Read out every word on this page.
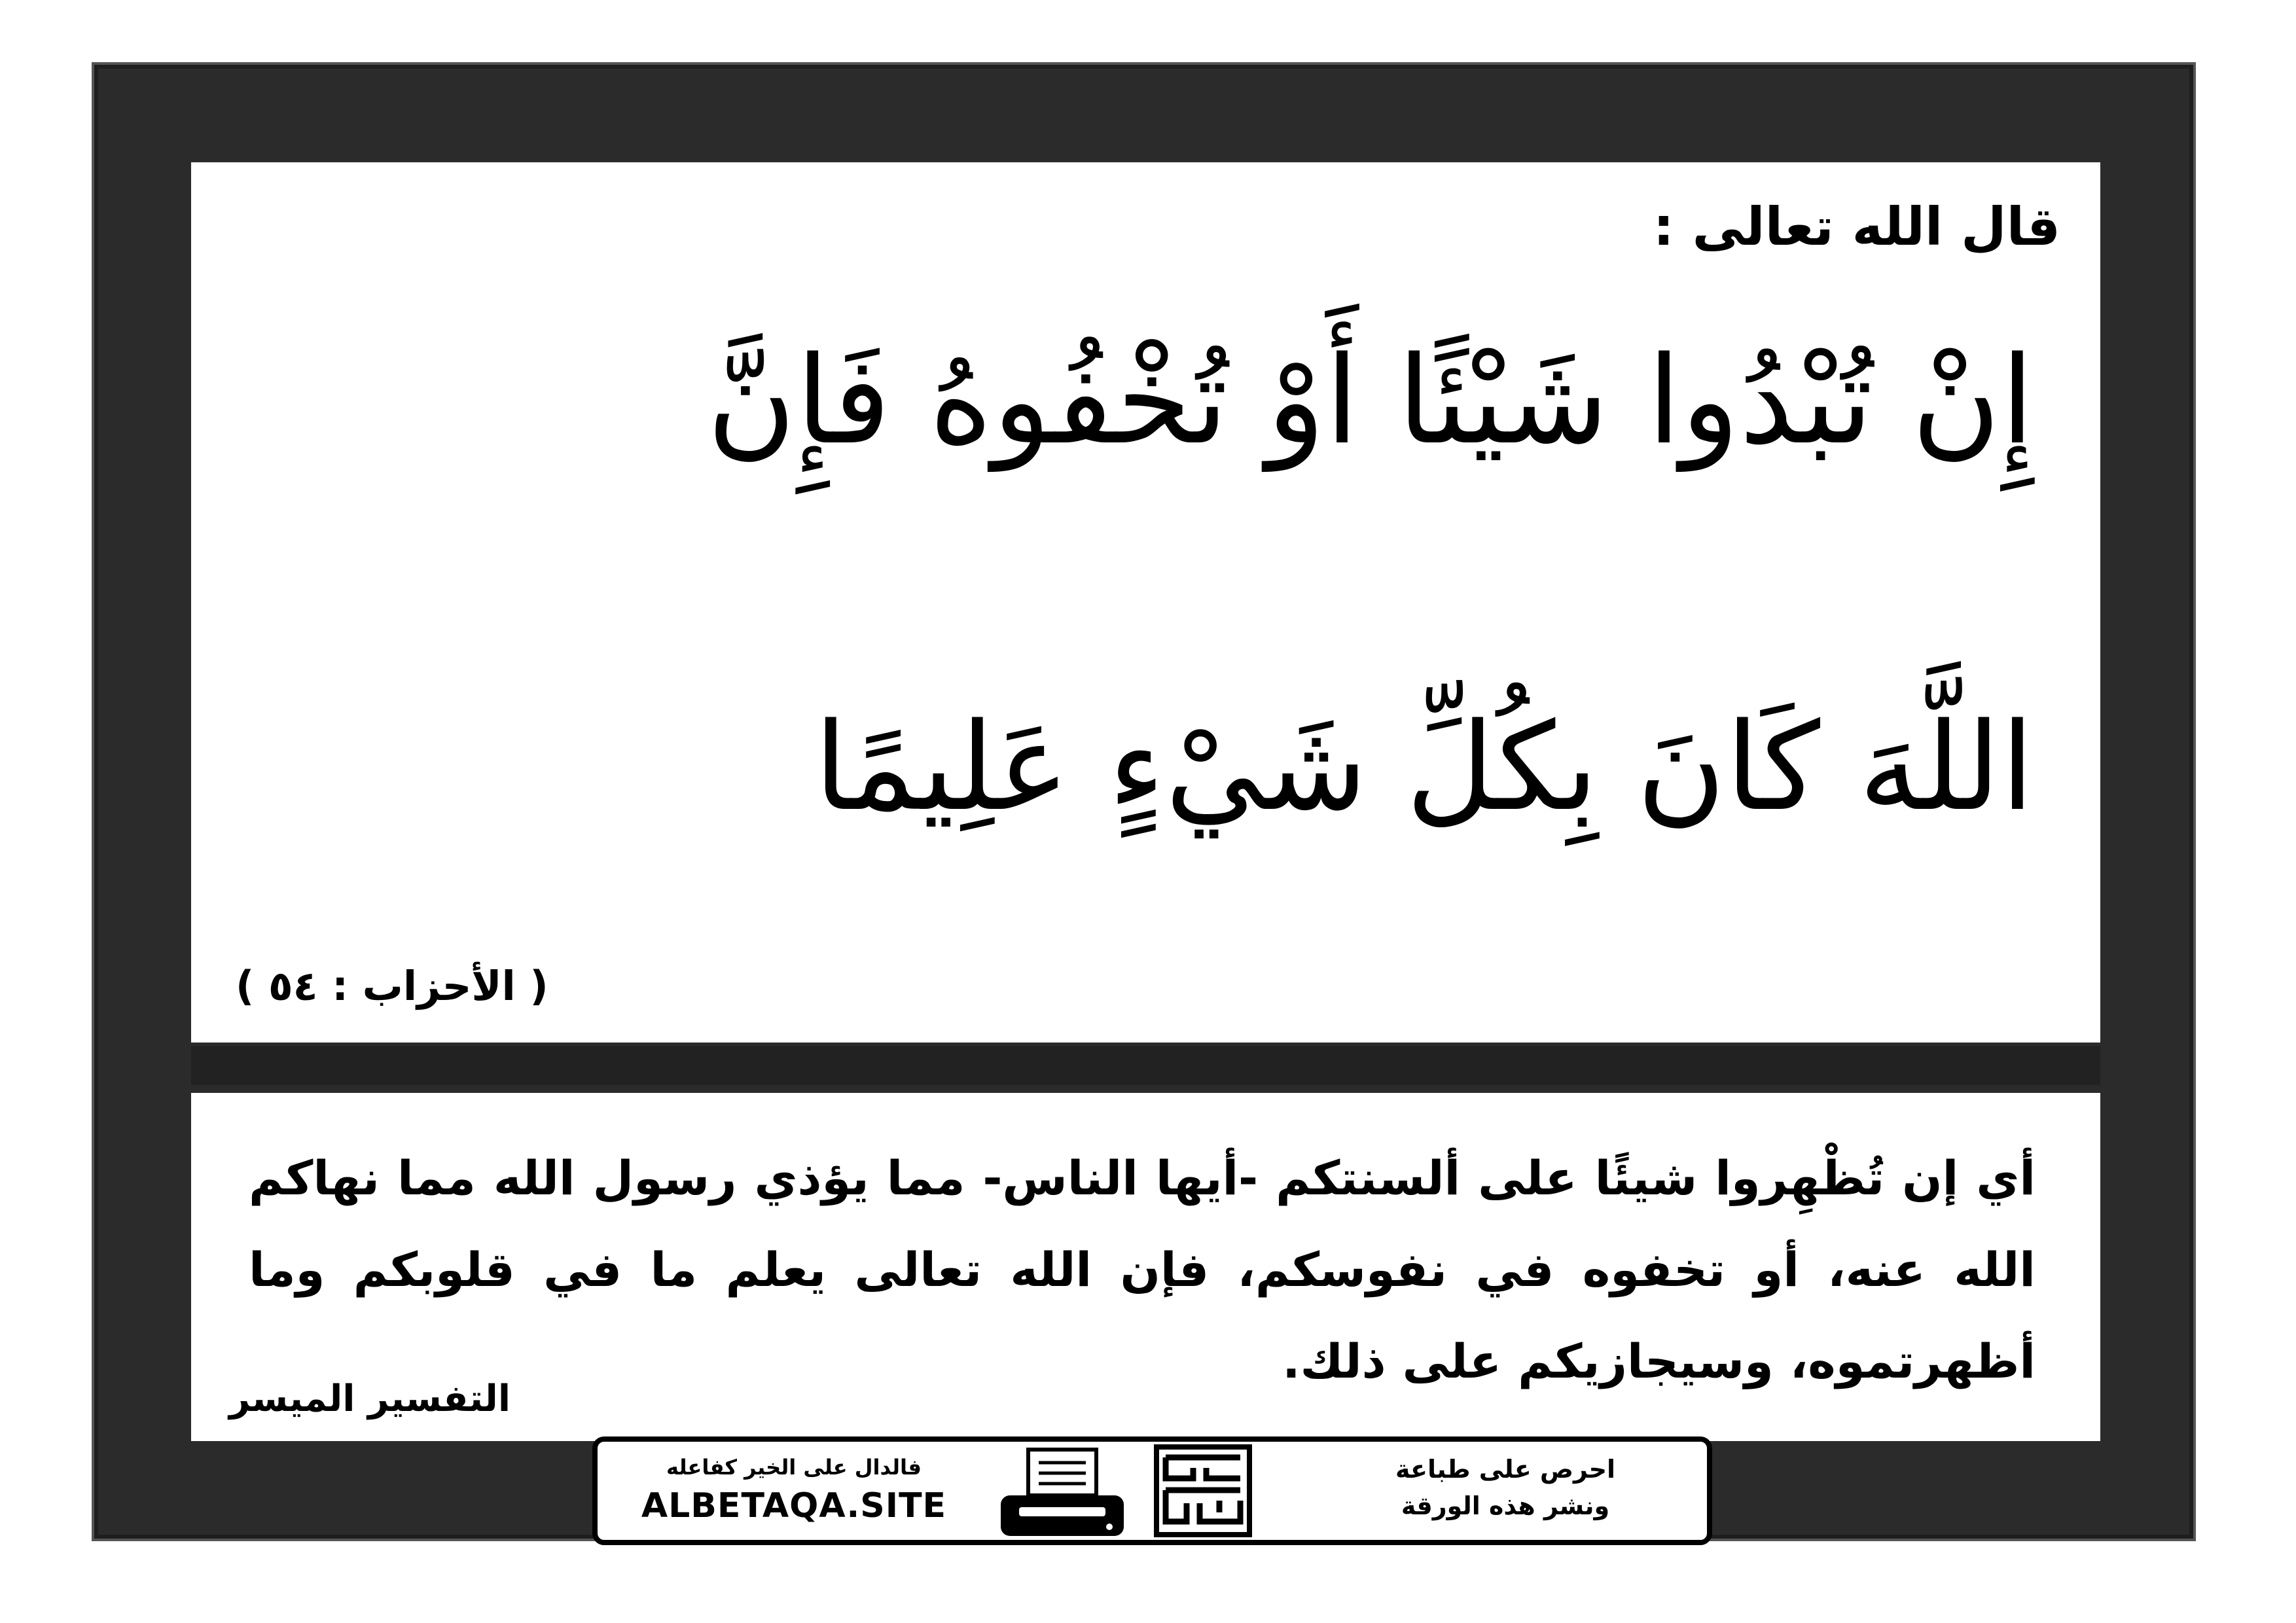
قال الله تعالى :
إِنْ تُبْدُوا شَيْئًا أَوْ تُخْفُوهُ فَإِنَّ
اللَّهَ كَانَ بِكُلِّ شَيْءٍ عَلِيمًا
( الأحزاب : ٥٤ )
أي إن تُظْهِروا شيئًا على ألسنتكم -أيها الناس- مما يؤذي رسول الله مما نهاكم الله عنه، أو تخفوه في نفوسكم، فإن الله تعالى يعلم ما في قلوبكم وما أظهرتموه، وسيجازيكم على ذلك.
التفسير الميسر
فالدال على الخير كفاعله
ALBETAQA.SITE
احرص على طباعة
ونشر هذه الورقة
